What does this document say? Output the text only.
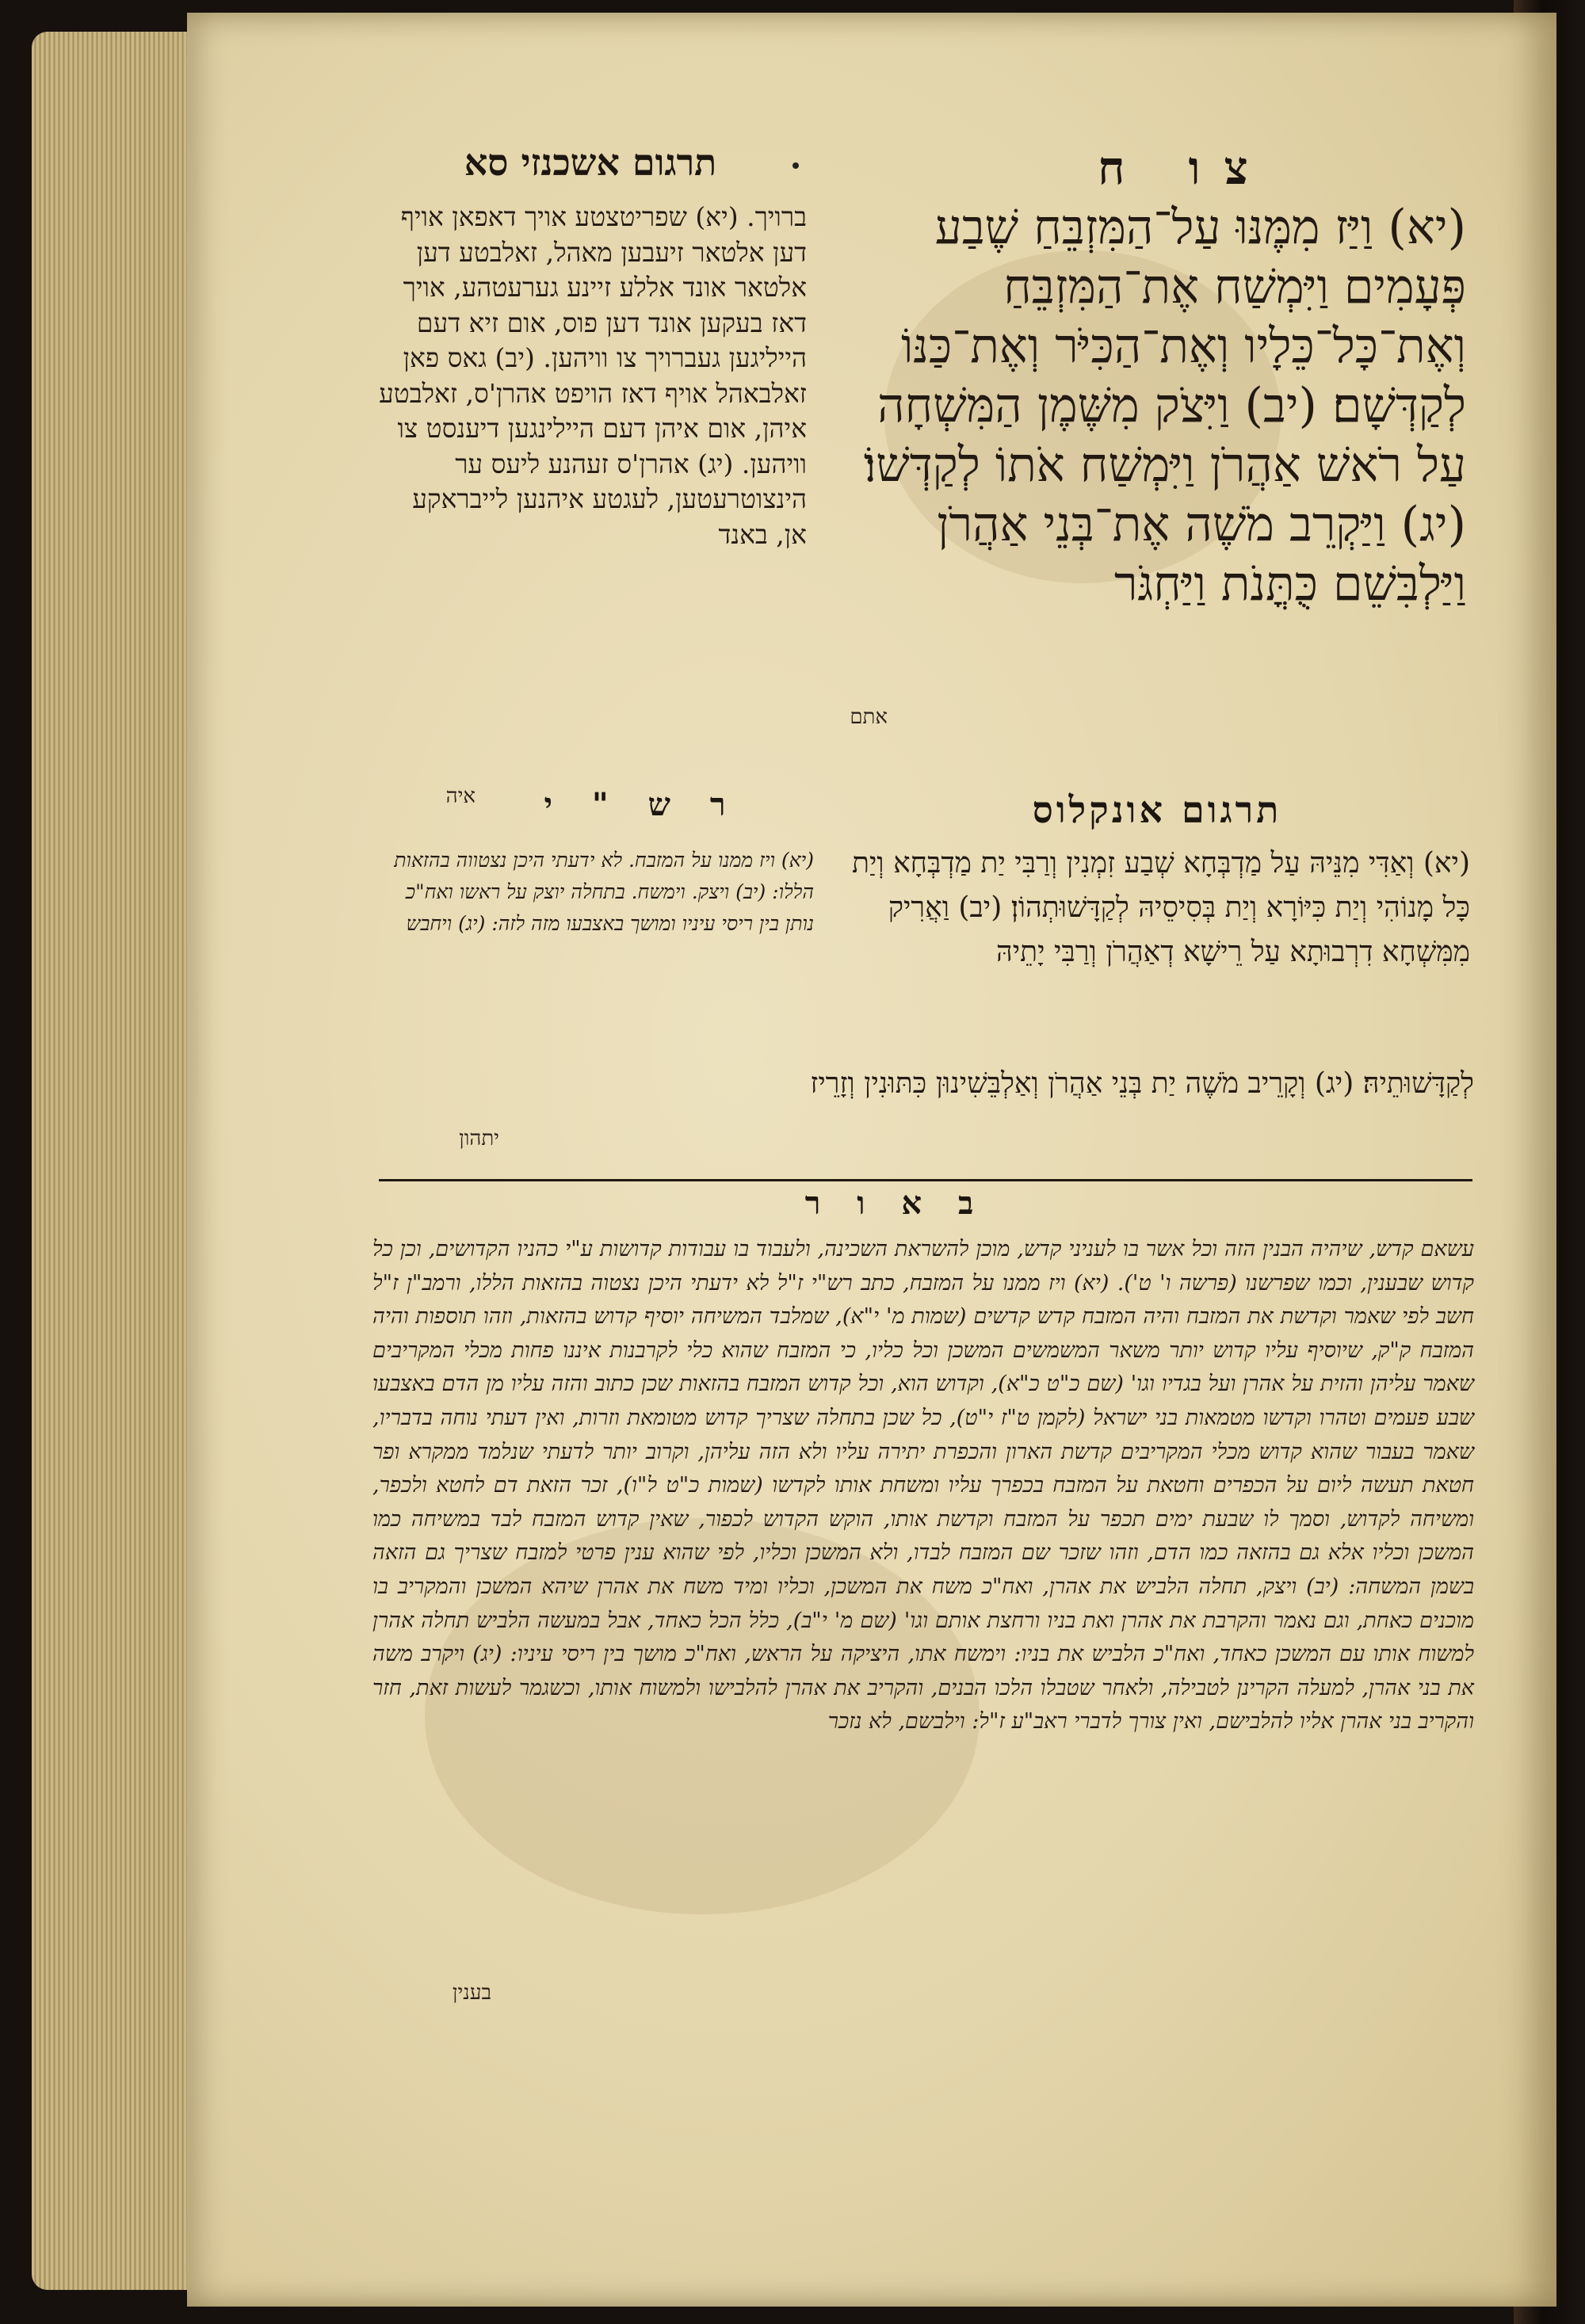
צו ח
תרגום אשכנזי סא
(יא) וַיַּז מִמֶּנּוּ עַל־הַמִּזְבֵּחַ שֶׁבַע פְּעָמִים וַיִּמְשַׁח אֶת־הַמִּזְבֵּחַ וְאֶת־כָּל־כֵּלָיו וְאֶת־הַכִּיֹּר וְאֶת־כַּנּוֹ לְקַדְּשָׁם׃ (יב) וַיִּצֹק מִשֶּׁמֶן הַמִּשְׁחָה עַל רֹאשׁ אַהֲרֹן וַיִּמְשַׁח אֹתוֹ לְקַדְּשׁוֹ׃ (יג) וַיַּקְרֵב מֹשֶׁה אֶת־בְּנֵי אַהֲרֹן וַיַּלְבִּשֵׁם כֻּתֳּנֹת וַיַּחְגֹּר
ברויך. (יא) שפריטצטע אויך דאפאן אויף דען אלטאר זיעבען מאהל, זאלבטע דען אלטאר אונד אללע זיינע גערעטהע, אויך דאז בעקען אונד דען פוס, אום זיא דעם הייליגען געברויך צו וויהען. (יב) גאס פאן זאלבאהל אויף דאז הויפט אהרן'ס, זאלבטע איהן, אום איהן דעם היילינגען דיענסט צו וויהען. (יג) אהרן'ס זעהנע ליעס ער הינצוטרעטען, לעגטע איהנען לייבראקע אן, באנד
אתם
איה	תרגום אונקלוס
ר ש " י
(יא) וְאַדִּי מִנֵּיהּ עַל מַדְבְּחָא שְׁבַע זִמְנִין וְרַבִּי יַת מַדְבְּחָא וְיַת כָּל מָנוֹהִי וְיַת כִּיּוֹרָא וְיַת בְּסִיסֵיהּ לְקַדָּשׁוּתְהוֹן׃ (יב) וַאֲרִיק מִמִּשְׁחָא דִרְבוּתָא עַל רֵישָׁא דְאַהֲרֹן וְרַבִּי יָתֵיהּ
(יא) ויז ממנו על המזבח. לא ידעתי היכן נצטווה בהזאות הללו: (יב) ויצק. וימשח. בתחלה יוצק על ראשו ואח"כ נותן בין ריסי עיניו ומושך באצבעו מזה לזה: (יג) ויחבש
לְקַדָּשׁוּתֵיהּ׃ (יג) וְקָרֵיב מֹשֶׁה יַת בְּנֵי אַהֲרֹן וְאַלְבֵּשִׁינוּן כִּתּוּנִין וְזָרֵיז
יתהון
ב א ו ר
עשאם קדש, שיהיה הבנין הזה וכל אשר בו לעניני קדש, מוכן להשראת השכינה, ולעבוד בו עבודות קדושות ע"י כהניו הקדושים, וכן כל קדוש שבענין, וכמו שפרשנו (פרשה ו' ט'). (יא) ויז ממנו על המזבח, כתב רש"י ז"ל לא ידעתי היכן נצטוה בהזאות הללו, ורמב"ן ז"ל חשב לפי שאמר וקדשת את המזבח והיה המזבח קדש קדשים (שמות מ' י"א), שמלבד המשיחה יוסיף קדוש בהזאות, וזהו תוספות והיה המזבח ק"ק, שיוסיף עליו קדוש יותר משאר המשמשים המשכן וכל כליו, כי המזבח שהוא כלי לקרבנות איננו פחות מכלי המקריבים שאמר עליהן והזית על אהרן ועל בגדיו וגו' (שם כ"ט כ"א), וקדוש הוא, וכל קדוש המזבח בהזאות שכן כתוב והזה עליו מן הדם באצבעו שבע פעמים וטהרו וקדשו מטמאות בני ישראל (לקמן ט"ז י"ט), כל שכן בתחלה שצריך קדוש מטומאת וזרות, ואין דעתי נוחה בדבריו, שאמר בעבור שהוא קדוש מכלי המקריבים קדשת הארון והכפרת יתירה עליו ולא הזה עליהן, וקרוב יותר לדעתי שנלמד ממקרא ופר חטאת תעשה ליום על הכפרים וחטאת על המזבח בכפרך עליו ומשחת אותו לקדשו (שמות כ"ט ל"ו), זכר הזאת דם לחטא ולכפר, ומשיחה לקדוש, וסמך לו שבעת ימים תכפר על המזבח וקדשת אותו, הוקש הקדוש לכפור, שאין קדוש המזבח לבד במשיחה כמו המשכן וכליו אלא גם בהזאה כמו הדם, וזהו שזכר שם המזבח לבדו, ולא המשכן וכליו, לפי שהוא ענין פרטי למזבח שצריך גם הזאה בשמן המשחה: (יב) ויצק, תחלה הלביש את אהרן, ואח"כ משח את המשכן, וכליו ומיד משח את אהרן שיהא המשכן והמקריב בו מוכנים כאחת, וגם נאמר והקרבת את אהרן ואת בניו ורחצת אותם וגו' (שם מ' י"ב), כלל הכל כאחד, אבל במעשה הלביש תחלה אהרן למשוח אותו עם המשכן כאחד, ואח"כ הלביש את בניו: וימשח אתו, היציקה על הראש, ואח"כ מושך בין ריסי עיניו: (יג) ויקרב משה את בני אהרן, למעלה הקרינן לטבילה, ולאחר שטבלו הלכו הבנים, והקריב את אהרן להלבישו ולמשוח אותו, וכשגמר לעשות זאת, חזר והקריב בני אהרן אליו להלבישם, ואין צורך לדברי ראב"ע ז"ל: וילבשם, לא נזכר
בענין
